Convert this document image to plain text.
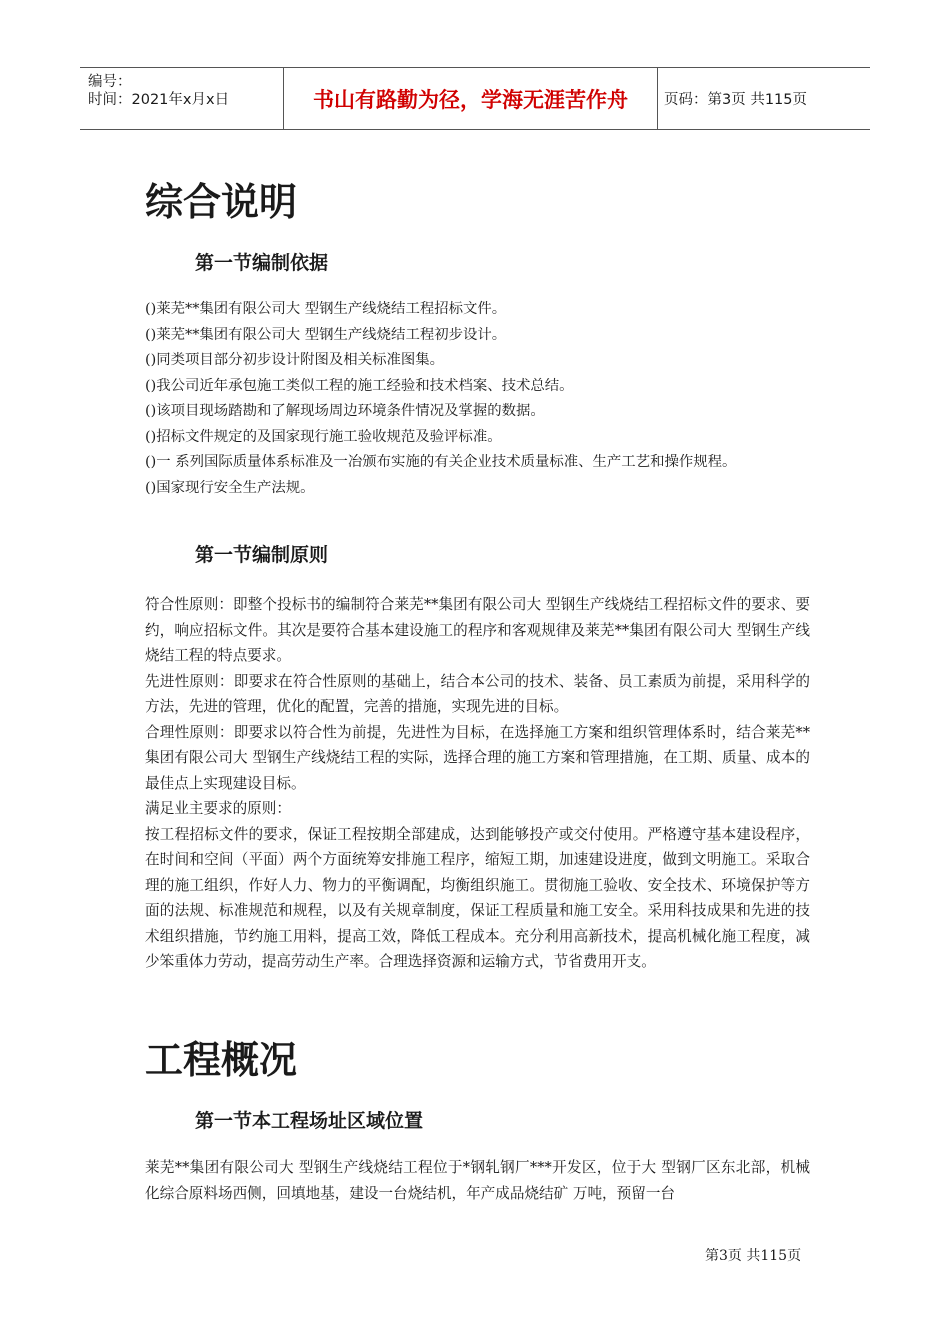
编号：
时间：2021年x月x日	书山有路勤为径，学海无涯苦作舟	页码：第3页 共115页
综合说明
第一节编制依据
()莱芜**集团有限公司大 型钢生产线烧结工程招标文件。
()莱芜**集团有限公司大 型钢生产线烧结工程初步设计。
()同类项目部分初步设计附图及相关标准图集。
()我公司近年承包施工类似工程的施工经验和技术档案、技术总结。
()该项目现场踏勘和了解现场周边环境条件情况及掌握的数据。
()招标文件规定的及国家现行施工验收规范及验评标准。
()一 系列国际质量体系标准及一冶颁布实施的有关企业技术质量标准、生产工艺和操作规程。
()国家现行安全生产法规。
第一节编制原则
符合性原则：即整个投标书的编制符合莱芜**集团有限公司大 型钢生产线烧结工程招标文件的要求、要约，响应招标文件。其次是要符合基本建设施工的程序和客观规律及莱芜**集团有限公司大 型钢生产线烧结工程的特点要求。
先进性原则：即要求在符合性原则的基础上，结合本公司的技术、装备、员工素质为前提，采用科学的方法，先进的管理，优化的配置，完善的措施，实现先进的目标。
合理性原则：即要求以符合性为前提，先进性为目标，在选择施工方案和组织管理体系时，结合莱芜**集团有限公司大 型钢生产线烧结工程的实际，选择合理的施工方案和管理措施，在工期、质量、成本的最佳点上实现建设目标。
满足业主要求的原则：
按工程招标文件的要求，保证工程按期全部建成，达到能够投产或交付使用。严格遵守基本建设程序，在时间和空间（平面）两个方面统筹安排施工程序，缩短工期，加速建设进度，做到文明施工。采取合理的施工组织，作好人力、物力的平衡调配，均衡组织施工。贯彻施工验收、安全技术、环境保护等方面的法规、标准规范和规程，以及有关规章制度，保证工程质量和施工安全。采用科技成果和先进的技术组织措施，节约施工用料，提高工效，降低工程成本。充分利用高新技术，提高机械化施工程度，减少笨重体力劳动，提高劳动生产率。合理选择资源和运输方式，节省费用开支。
工程概况
第一节本工程场址区域位置
莱芜**集团有限公司大 型钢生产线烧结工程位于*钢轧钢厂***开发区，位于大 型钢厂区东北部，机械化综合原料场西侧，回填地基，建设一台烧结机，年产成品烧结矿 万吨，预留一台
第3页 共115页
